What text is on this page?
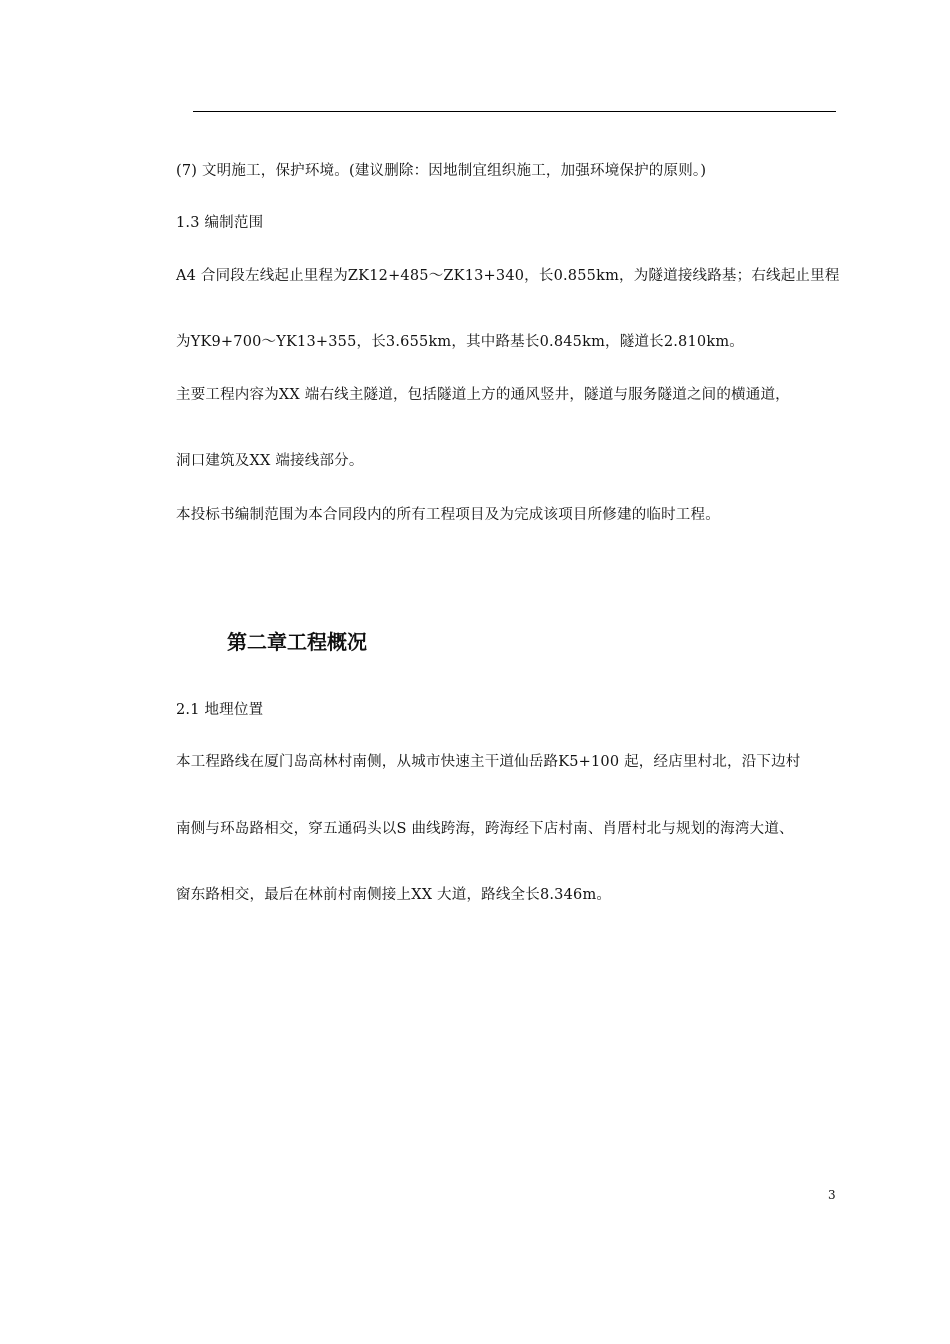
(7) 文明施工，保护环境。(建议删除：因地制宜组织施工，加强环境保护的原则。)
1.3 编制范围
A4 合同段左线起止里程为ZK12+485～ZK13+340，长0.855km，为隧道接线路基；右线起止里程
为YK9+700～YK13+355，长3.655km，其中路基长0.845km，隧道长2.810km。
主要工程内容为XX 端右线主隧道，包括隧道上方的通风竖井，隧道与服务隧道之间的横通道，
洞口建筑及XX 端接线部分。
本投标书编制范围为本合同段内的所有工程项目及为完成该项目所修建的临时工程。
第二章工程概况
2.1 地理位置
本工程路线在厦门岛高林村南侧，从城市快速主干道仙岳路K5+100 起，经店里村北，沿下边村
南侧与环岛路相交，穿五通码头以S 曲线跨海，跨海经下店村南、肖厝村北与规划的海湾大道、
窗东路相交，最后在林前村南侧接上XX 大道，路线全长8.346m。
3
